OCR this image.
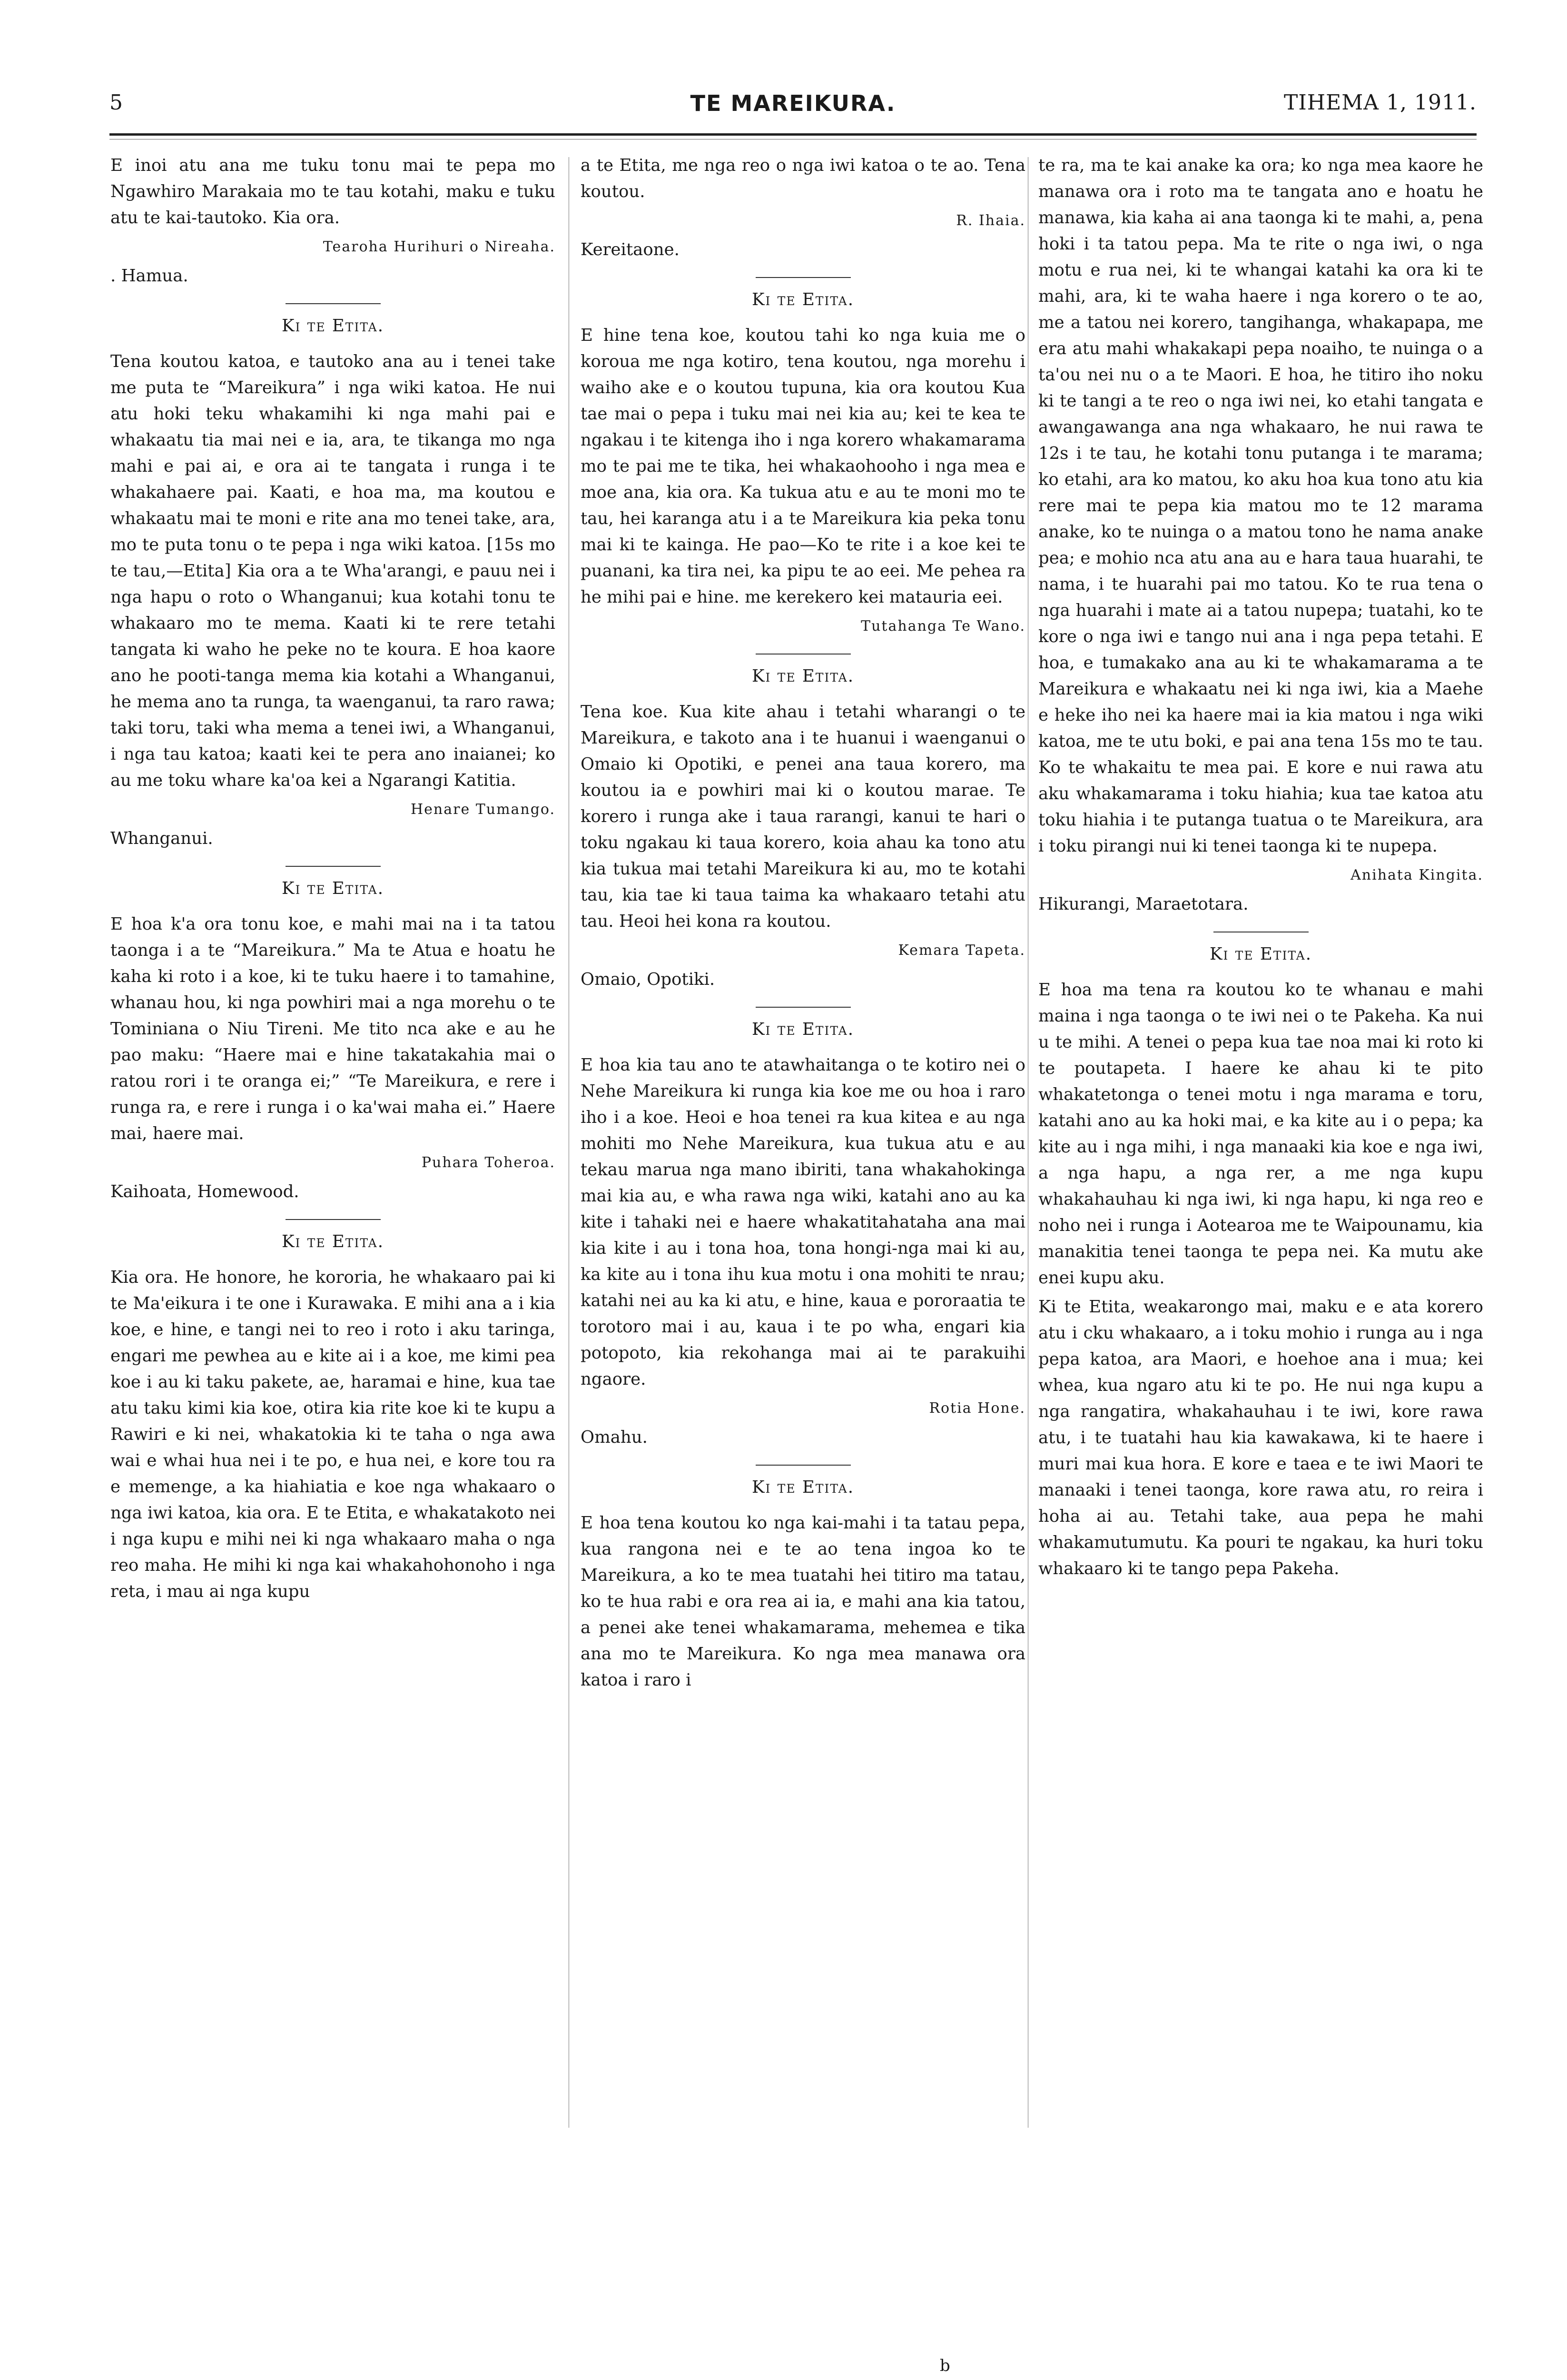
5	TE MAREIKURA.	TIHEMA 1, 1911.

E inoi atu ana me tuku tonu mai te pepa mo Ngawhiro Marakaia mo te tau kotahi, maku e tuku atu te kai-tautoko. Kia ora.

Tearoha Hurihuri o Nireaha.
. Hamua.
Ki te Etita.

Tena koutou katoa, e tautoko ana au i tenei take me puta te “Mareikura” i nga wiki katoa. He nui atu hoki teku whakamihi ki nga mahi pai e whakaatu tia mai nei e ia, ara, te tikanga mo nga mahi e pai ai, e ora ai te tangata i runga i te whakahaere pai. Kaati, e hoa ma, ma koutou e whakaatu mai te moni e rite ana mo tenei take, ara, mo te puta tonu o te pepa i nga wiki katoa. [15s mo te tau,—Etita] Kia ora a te Wha'arangi, e pauu nei i nga hapu o roto o Whanganui; kua kotahi tonu te whakaaro mo te mema. Kaati ki te rere tetahi tangata ki waho he peke no te koura. E hoa kaore ano he pooti-tanga mema kia kotahi a Whanganui, he mema ano ta runga, ta waenganui, ta raro rawa; taki toru, taki wha mema a tenei iwi, a Whanganui, i nga tau katoa; kaati kei te pera ano inaianei; ko au me toku whare ka'oa kei a Ngarangi Katitia.

Henare Tumango.
Whanganui.
Ki te Etita.

E hoa k'a ora tonu koe, e mahi mai na i ta tatou taonga i a te “Mareikura.” Ma te Atua e hoatu he kaha ki roto i a koe, ki te tuku haere i to tamahine, whanau hou, ki nga powhiri mai a nga morehu o te Tominiana o Niu Tireni. Me tito nca ake e au he pao maku: “Haere mai e hine takatakahia mai o ratou rori i te oranga ei;” “Te Mareikura, e rere i runga ra, e rere i runga i o ka'wai maha ei.” Haere mai, haere mai.

Puhara Toheroa.
Kaihoata, Homewood.
Ki te Etita.

Kia ora. He honore, he kororia, he whakaaro pai ki te Ma'eikura i te one i Kurawaka. E mihi ana a i kia koe, e hine, e tangi nei to reo i roto i aku taringa, engari me pewhea au e kite ai i a koe, me kimi pea koe i au ki taku pakete, ae, haramai e hine, kua tae atu taku kimi kia koe, otira kia rite koe ki te kupu a Rawiri e ki nei, whakatokia ki te taha o nga awa wai e whai hua nei i te po, e hua nei, e kore tou ra e memenge, a ka hiahiatia e koe nga whakaaro o nga iwi katoa, kia ora. E te Etita, e whakatakoto nei i nga kupu e mihi nei ki nga whakaaro maha o nga reo maha. He mihi ki nga kai whakahohonoho i nga reta, i mau ai nga kupu

a te Etita, me nga reo o nga iwi katoa o te ao. Tena koutou.

R. Ihaia.
Kereitaone.
Ki te Etita.

E hine tena koe, koutou tahi ko nga kuia me o koroua me nga kotiro, tena koutou, nga morehu i waiho ake e o koutou tupuna, kia ora koutou Kua tae mai o pepa i tuku mai nei kia au; kei te kea te ngakau i te kitenga iho i nga korero whakamarama mo te pai me te tika, hei whakaohooho i nga mea e moe ana, kia ora. Ka tukua atu e au te moni mo te tau, hei karanga atu i a te Mareikura kia peka tonu mai ki te kainga. He pao—Ko te rite i a koe kei te puanani, ka tira nei, ka pipu te ao eei. Me pehea ra he mihi pai e hine. me kerekero kei matauria eei.

Tutahanga Te Wano.
Ki te Etita.

Tena koe. Kua kite ahau i tetahi wharangi o te Mareikura, e takoto ana i te huanui i waenganui o Omaio ki Opotiki, e penei ana taua korero, ma koutou ia e powhiri mai ki o koutou marae. Te korero i runga ake i taua rarangi, kanui te hari o toku ngakau ki taua korero, koia ahau ka tono atu kia tukua mai tetahi Mareikura ki au, mo te kotahi tau, kia tae ki taua taima ka whakaaro tetahi atu tau. Heoi hei kona ra koutou.

Kemara Tapeta.
Omaio, Opotiki.
Ki te Etita.

E hoa kia tau ano te atawhaitanga o te kotiro nei o Nehe Mareikura ki runga kia koe me ou hoa i raro iho i a koe. Heoi e hoa tenei ra kua kitea e au nga mohiti mo Nehe Mareikura, kua tukua atu e au tekau marua nga mano ibiriti, tana whakahokinga mai kia au, e wha rawa nga wiki, katahi ano au ka kite i tahaki nei e haere whakatitahataha ana mai kia kite i au i tona hoa, tona hongi-nga mai ki au, ka kite au i tona ihu kua motu i ona mohiti te nrau; katahi nei au ka ki atu, e hine, kaua e pororaatia te torotoro mai i au, kaua i te po wha, engari kia potopoto, kia rekohanga mai ai te parakuihi ngaore.

Rotia Hone.
Omahu.
Ki te Etita.

E hoa tena koutou ko nga kai-mahi i ta tatau pepa, kua rangona nei e te ao tena ingoa ko te Mareikura, a ko te mea tuatahi hei titiro ma tatau, ko te hua rabi e ora rea ai ia, e mahi ana kia tatou, a penei ake tenei whakamarama, mehemea e tika ana mo te Mareikura. Ko nga mea manawa ora katoa i raro i

te ra, ma te kai anake ka ora; ko nga mea kaore he manawa ora i roto ma te tangata ano e hoatu he manawa, kia kaha ai ana taonga ki te mahi, a, pena hoki i ta tatou pepa. Ma te rite o nga iwi, o nga motu e rua nei, ki te whangai katahi ka ora ki te mahi, ara, ki te waha haere i nga korero o te ao, me a tatou nei korero, tangihanga, whakapapa, me era atu mahi whakakapi pepa noaiho, te nuinga o a ta'ou nei nu o a te Maori. E hoa, he titiro iho noku ki te tangi a te reo o nga iwi nei, ko etahi tangata e awangawanga ana nga whakaaro, he nui rawa te 12s i te tau, he kotahi tonu putanga i te marama; ko etahi, ara ko matou, ko aku hoa kua tono atu kia rere mai te pepa kia matou mo te 12 marama anake, ko te nuinga o a matou tono he nama anake pea; e mohio nca atu ana au e hara taua huarahi, te nama, i te huarahi pai mo tatou. Ko te rua tena o nga huarahi i mate ai a tatou nupepa; tuatahi, ko te kore o nga iwi e tango nui ana i nga pepa tetahi. E hoa, e tumakako ana au ki te whakamarama a te Mareikura e whakaatu nei ki nga iwi, kia a Maehe e heke iho nei ka haere mai ia kia matou i nga wiki katoa, me te utu boki, e pai ana tena 15s mo te tau. Ko te whakaitu te mea pai. E kore e nui rawa atu aku whakamarama i toku hiahia; kua tae katoa atu toku hiahia i te putanga tuatua o te Mareikura, ara i toku pirangi nui ki tenei taonga ki te nupepa.

Anihata Kingita.
Hikurangi, Maraetotara.
Ki te Etita.

E hoa ma tena ra koutou ko te whanau e mahi maina i nga taonga o te iwi nei o te Pakeha. Ka nui u te mihi. A tenei o pepa kua tae noa mai ki roto ki te poutapeta. I haere ke ahau ki te pito whakatetonga o tenei motu i nga marama e toru, katahi ano au ka hoki mai, e ka kite au i o pepa; ka kite au i nga mihi, i nga manaaki kia koe e nga iwi, a nga hapu, a nga rer, a me nga kupu whakahauhau ki nga iwi, ki nga hapu, ki nga reo e noho nei i runga i Aotearoa me te Waipounamu, kia manakitia tenei taonga te pepa nei. Ka mutu ake enei kupu aku.

Ki te Etita, weakarongo mai, maku e e ata korero atu i cku whakaaro, a i toku mohio i runga au i nga pepa katoa, ara Maori, e hoehoe ana i mua; kei whea, kua ngaro atu ki te po. He nui nga kupu a nga rangatira, whakahauhau i te iwi, kore rawa atu, i te tuatahi hau kia kawakawa, ki te haere i muri mai kua hora. E kore e taea e te iwi Maori te manaaki i tenei taonga, kore rawa atu, ro reira i hoha ai au. Tetahi take, aua pepa he mahi whakamutumutu. Ka pouri te ngakau, ka huri toku whakaaro ki te tango pepa Pakeha.

b
